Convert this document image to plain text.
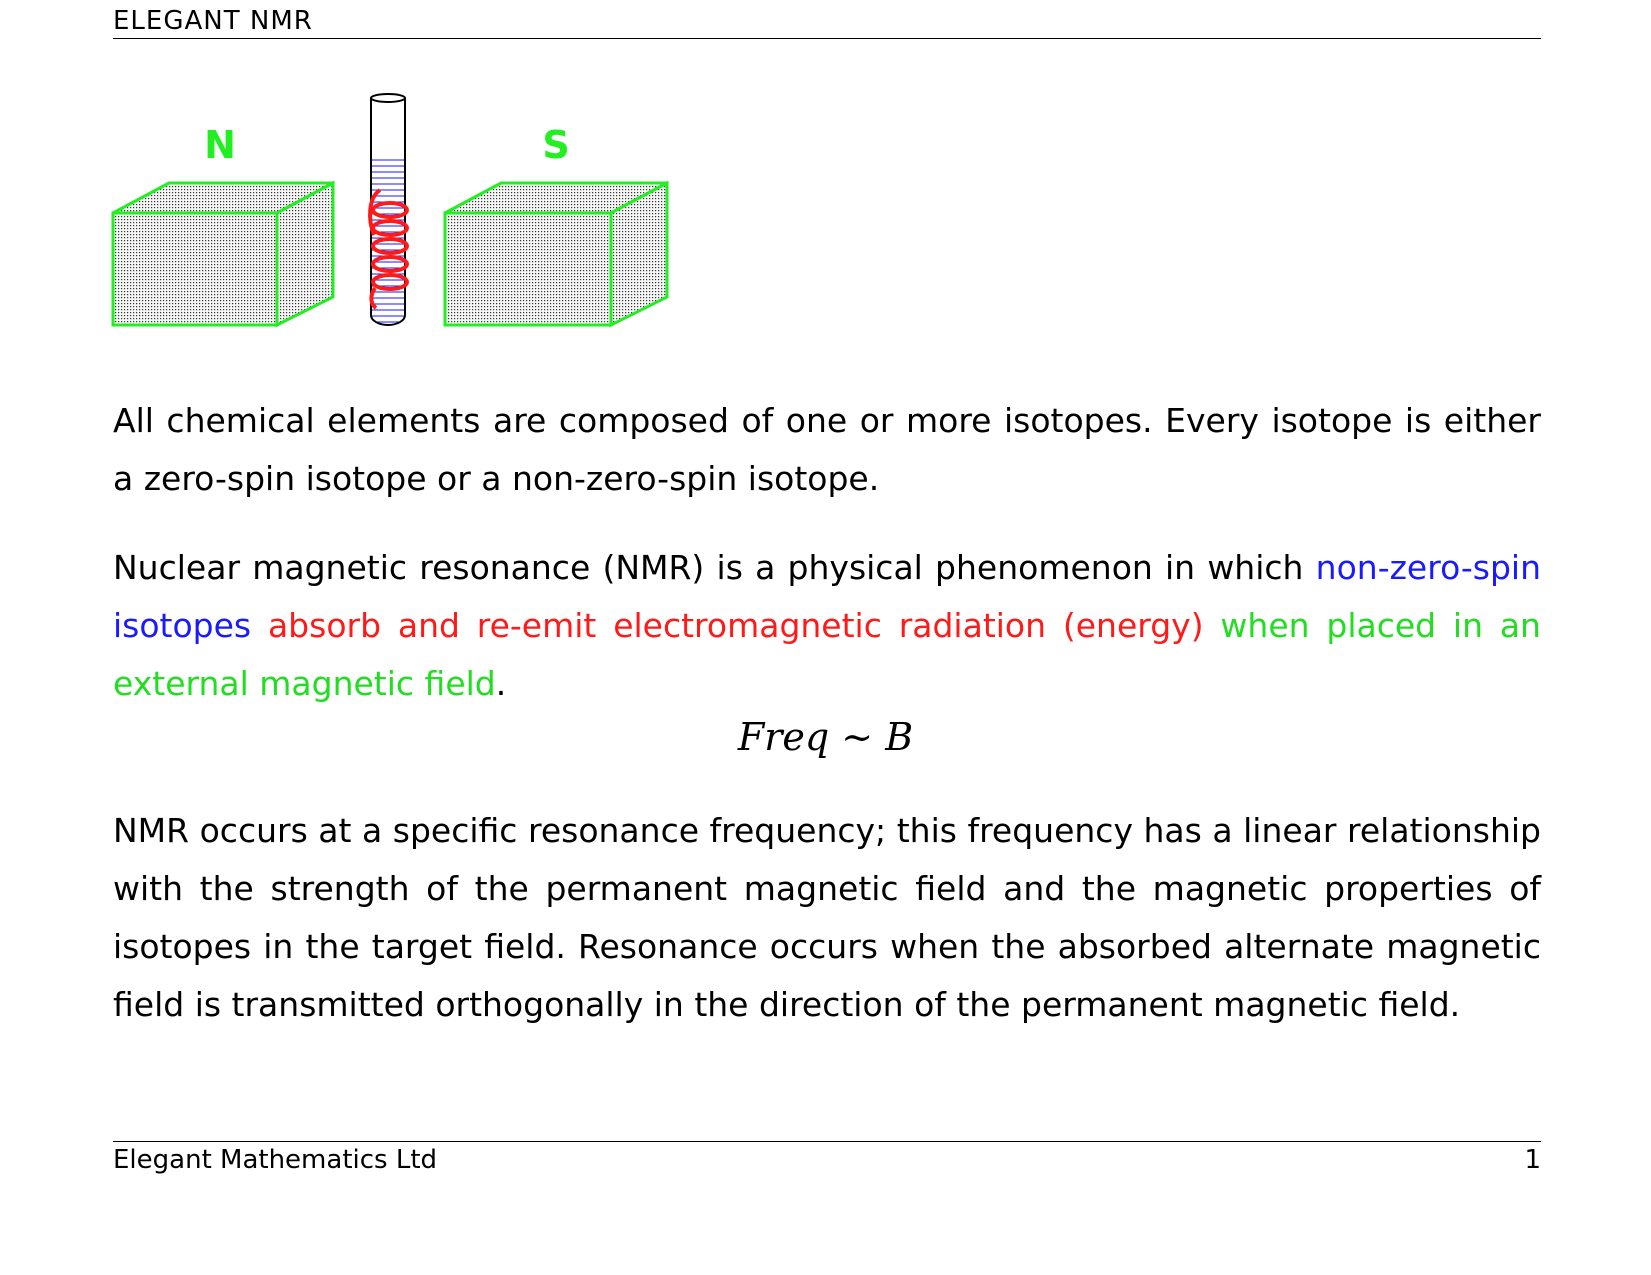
ELEGANT NMR
N	S

All chemical elements are composed of one or more isotopes. Every isotope is either a zero-spin isotope or a non-zero-spin isotope.

Nuclear magnetic resonance (NMR) is a physical phenomenon in which non-zero-spin isotopes absorb and re-emit electromagnetic radiation (energy) when placed in an external magnetic field.

Freq ∼ B

NMR occurs at a specific resonance frequency; this frequency has a linear relationship with the strength of the permanent magnetic field and the magnetic properties of isotopes in the target field. Resonance occurs when the absorbed alternate magnetic field is transmitted orthogonally in the direction of the permanent magnetic field.

Elegant Mathematics Ltd	1
